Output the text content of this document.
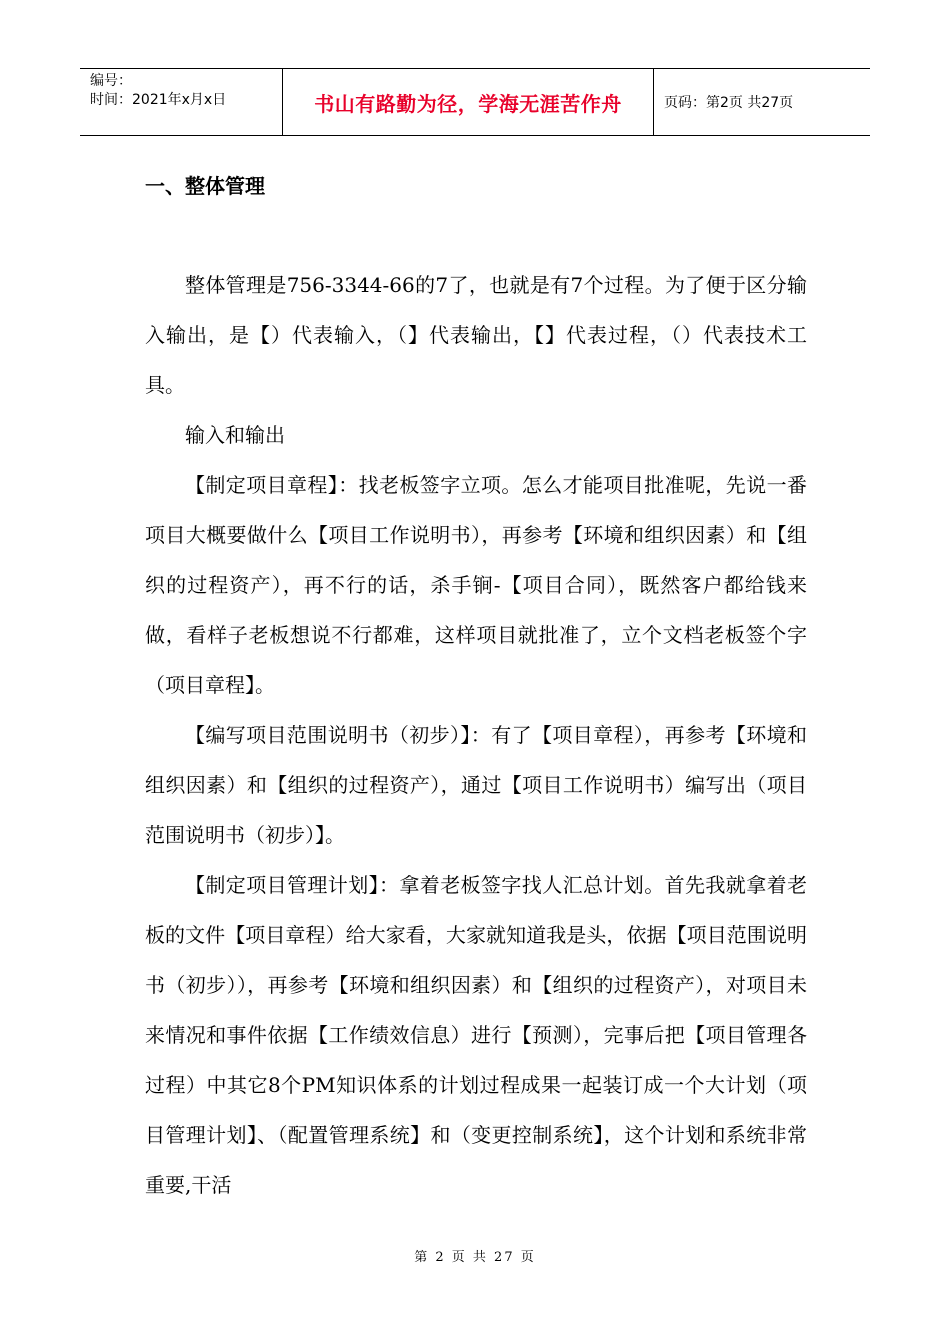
编号：
时间：2021年x月x日	书山有路勤为径，学海无涯苦作舟	页码：第2页 共27页
一、整体管理

整体管理是756-3344-66的7了，也就是有7个过程。为了便于区分输入输出，是【）代表输入，（】代表输出，【】代表过程，（）代表技术工具。

输入和输出

【制定项目章程】：找老板签字立项。怎么才能项目批准呢，先说一番项目大概要做什么【项目工作说明书），再参考【环境和组织因素）和【组织的过程资产），再不行的话，杀手锏-【项目合同），既然客户都给钱来做，看样子老板想说不行都难，这样项目就批准了，立个文档老板签个字（项目章程】。

【编写项目范围说明书（初步）】：有了【项目章程），再参考【环境和组织因素）和【组织的过程资产），通过【项目工作说明书）编写出（项目范围说明书（初步）】。

【制定项目管理计划】：拿着老板签字找人汇总计划。首先我就拿着老板的文件【项目章程）给大家看，大家就知道我是头，依据【项目范围说明书（初步）），再参考【环境和组织因素）和【组织的过程资产），对项目未来情况和事件依据【工作绩效信息）进行【预测），完事后把【项目管理各过程）中其它8个PM知识体系的计划过程成果一起装订成一个大计划（项目管理计划】、（配置管理系统】和（变更控制系统】，这个计划和系统非常重要,干活

第 2 页 共 27 页
